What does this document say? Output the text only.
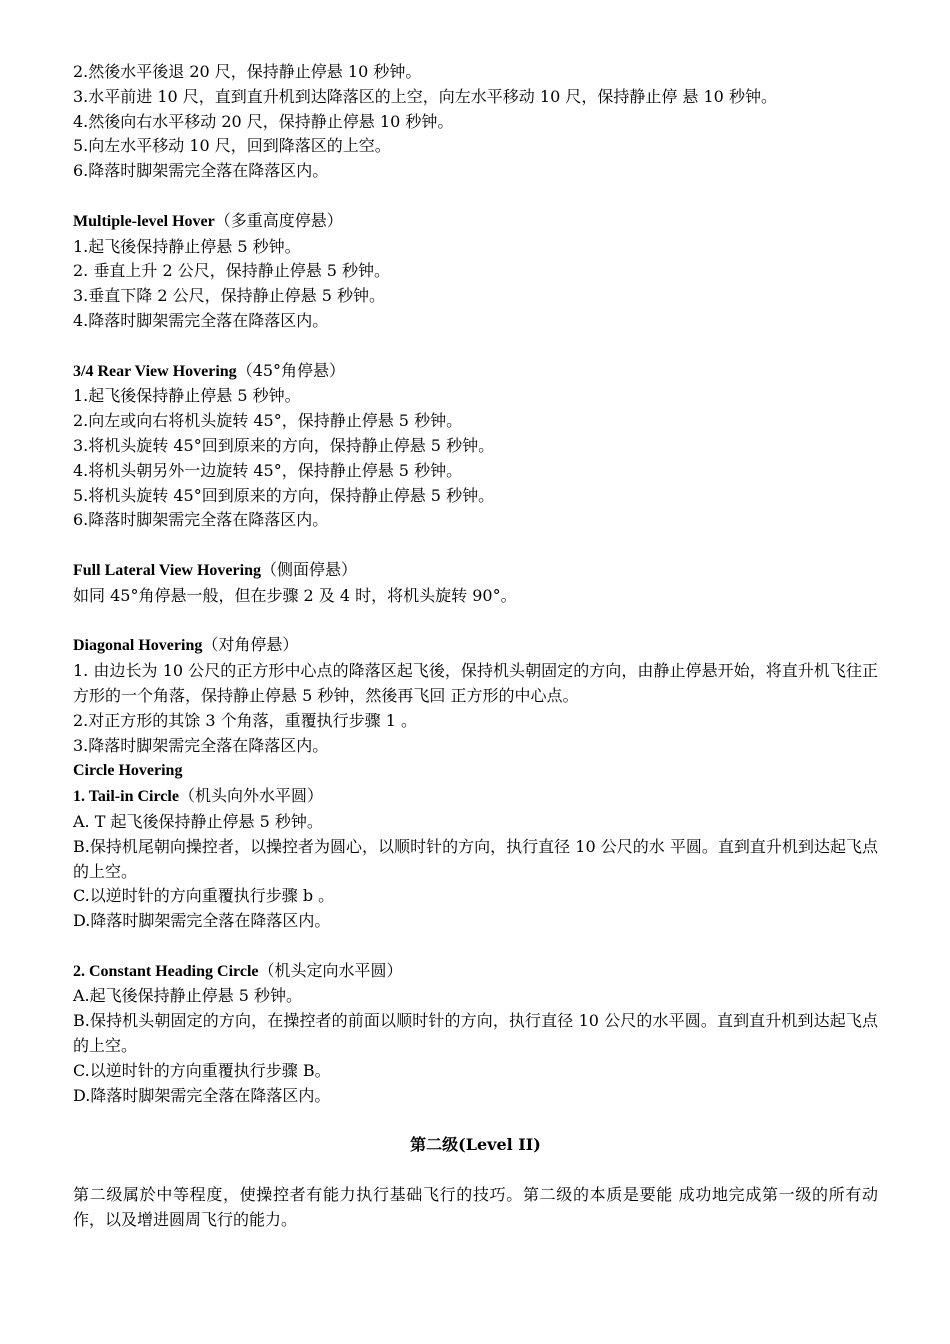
2.然後水平後退 20 尺，保持静止停悬 10 秒钟。
3.水平前进 10 尺，直到直升机到达降落区的上空，向左水平移动 10 尺，保持静止停 悬 10 秒钟。
4.然後向右水平移动 20 尺，保持静止停悬 10 秒钟。
5.向左水平移动 10 尺，回到降落区的上空。
6.降落时脚架需完全落在降落区内。
Multiple-level Hover（多重高度停悬）
1.起飞後保持静止停悬 5 秒钟。
2. 垂直上升 2 公尺，保持静止停悬 5 秒钟。
3.垂直下降 2 公尺，保持静止停悬 5 秒钟。
4.降落时脚架需完全落在降落区内。
3/4 Rear View Hovering（45°角停悬）
1.起飞後保持静止停悬 5 秒钟。
2.向左或向右将机头旋转 45°，保持静止停悬 5 秒钟。
3.将机头旋转 45°回到原来的方向，保持静止停悬 5 秒钟。
4.将机头朝另外一边旋转 45°，保持静止停悬 5 秒钟。
5.将机头旋转 45°回到原来的方向，保持静止停悬 5 秒钟。
6.降落时脚架需完全落在降落区内。
Full Lateral View Hovering（侧面停悬）
如同 45°角停悬一般，但在步骤 2 及 4 时，将机头旋转 90°。
Diagonal Hovering（对角停悬）
1. 由边长为 10 公尺的正方形中心点的降落区起飞後，保持机头朝固定的方向，由静止停悬开始，将直升机飞往正方形的一个角落，保持静止停悬 5 秒钟，然後再飞回 正方形的中心点。
2.对正方形的其馀 3 个角落，重覆执行步骤 1 。
3.降落时脚架需完全落在降落区内。
Circle Hovering
1. Tail-in Circle（机头向外水平圆）
A. T 起飞後保持静止停悬 5 秒钟。
B.保持机尾朝向操控者，以操控者为圆心，以顺时针的方向，执行直径 10 公尺的水 平圆。直到直升机到达起飞点的上空。
C.以逆时针的方向重覆执行步骤 b 。
D.降落时脚架需完全落在降落区内。
2. Constant Heading Circle（机头定向水平圆）
A.起飞後保持静止停悬 5 秒钟。
B.保持机头朝固定的方向，在操控者的前面以顺时针的方向，执行直径 10 公尺的水平圆。直到直升机到达起飞点的上空。
C.以逆时针的方向重覆执行步骤 B。
D.降落时脚架需完全落在降落区内。
第二级(Level II)
第二级属於中等程度，使操控者有能力执行基础飞行的技巧。第二级的本质是要能 成功地完成第一级的所有动作，以及增进圆周飞行的能力。
